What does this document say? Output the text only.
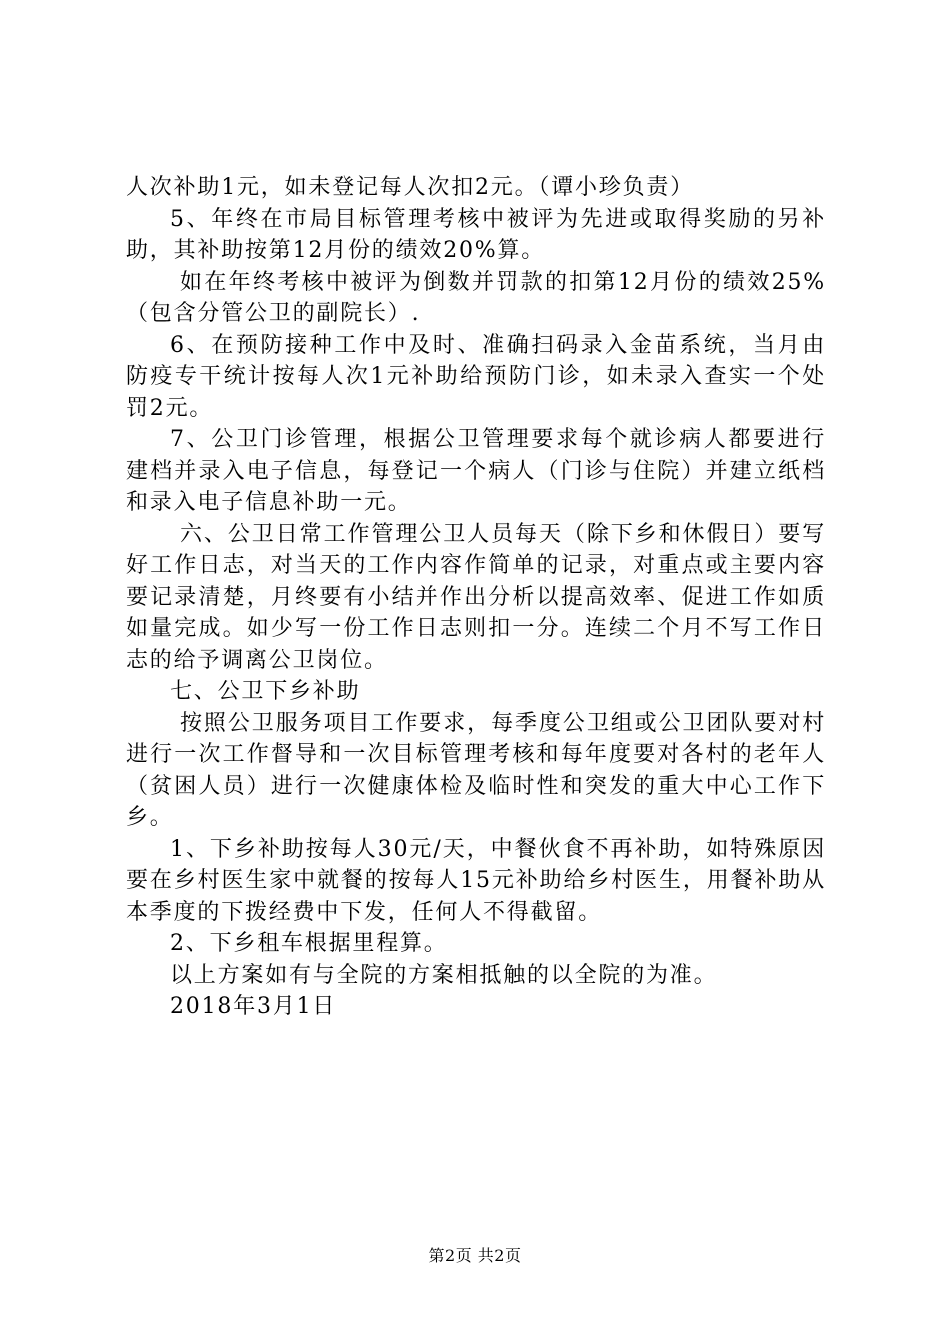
人次补助1元，如未登记每人次扣2元。（谭小珍负责）

5、年终在市局目标管理考核中被评为先进或取得奖励的另补助，其补助按第12月份的绩效20%算。

如在年终考核中被评为倒数并罚款的扣第12月份的绩效25%（包含分管公卫的副院长）.

6、在预防接种工作中及时、准确扫码录入金苗系统，当月由防疫专干统计按每人次1元补助给预防门诊，如未录入查实一个处罚2元。

7、公卫门诊管理，根据公卫管理要求每个就诊病人都要进行建档并录入电子信息，每登记一个病人（门诊与住院）并建立纸档和录入电子信息补助一元。

六、公卫日常工作管理公卫人员每天（除下乡和休假日）要写好工作日志，对当天的工作内容作简单的记录，对重点或主要内容要记录清楚，月终要有小结并作出分析以提高效率、促进工作如质如量完成。如少写一份工作日志则扣一分。连续二个月不写工作日志的给予调离公卫岗位。

七、公卫下乡补助

按照公卫服务项目工作要求，每季度公卫组或公卫团队要对村进行一次工作督导和一次目标管理考核和每年度要对各村的老年人（贫困人员）进行一次健康体检及临时性和突发的重大中心工作下乡。

1、下乡补助按每人30元/天，中餐伙食不再补助，如特殊原因要在乡村医生家中就餐的按每人15元补助给乡村医生，用餐补助从本季度的下拨经费中下发，任何人不得截留。

2、下乡租车根据里程算。

以上方案如有与全院的方案相抵触的以全院的为准。

2018年3月1日

第2页 共2页
